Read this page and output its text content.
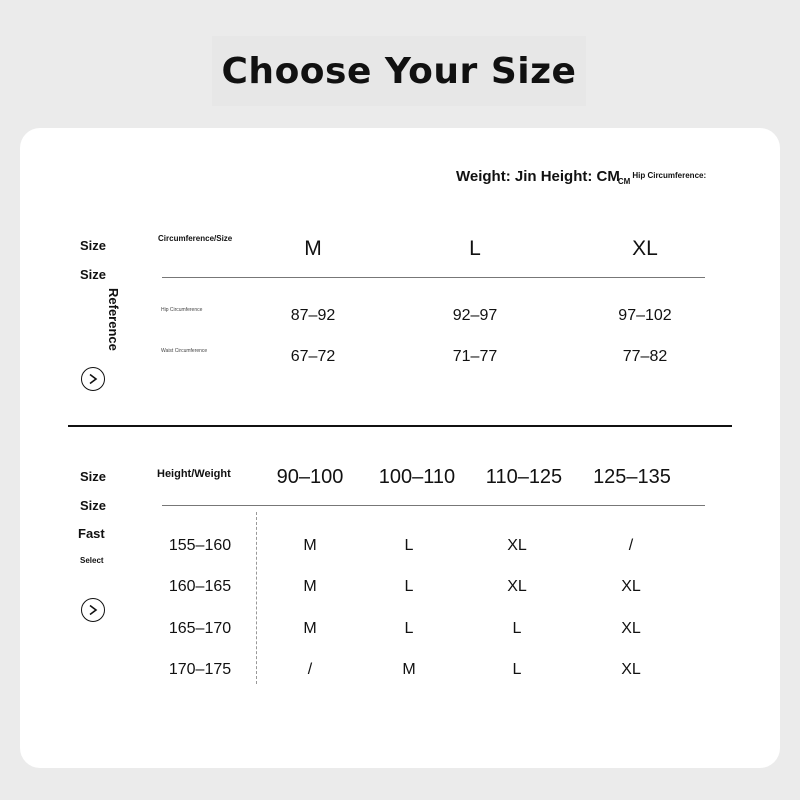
Choose Your Size
Weight: Jin Height: $CM_{CM}^{Hip Circumference:}$
Size
Size
Reference
Circumference/Size	M	L	XL
Hip Circumference	87–92	92–97	97–102
Waist Circumference	67–72	71–77	77–82
Size
Size
Fast
Select
Height/Weight 90–100 100–110 110–125 125–135
155–160	M	L	XL	/
160–165	M	L	XL	XL
165–170	M	L	L	XL
170–175	/	M	L	XL
